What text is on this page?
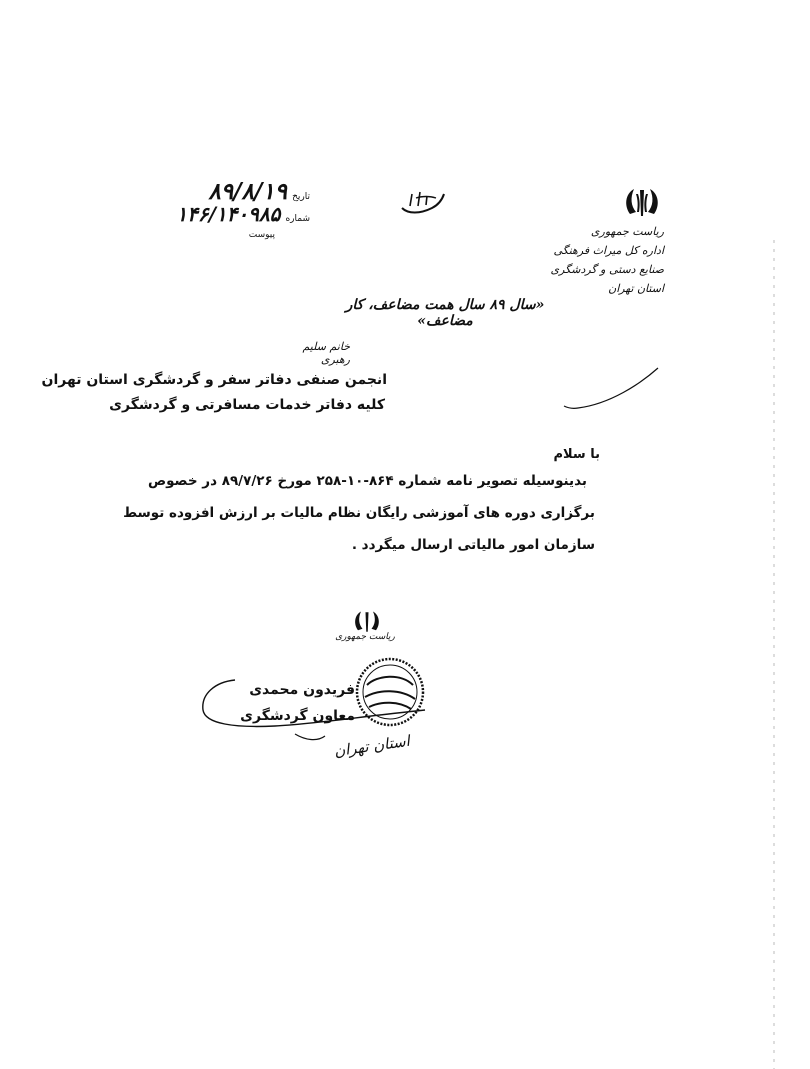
ریاست جمهوری
اداره کل میراث فرهنگی
صنایع دستی و گردشگری
استان تهران
تاریخ ۸۹/۸/۱۹
شماره ۱۴۶/۱۴۰۹۸۵
پیوست
«سال ۸۹ سال همت مضاعف، کار مضاعف»
خانم سلیم رهبری
انجمن صنفی دفاتر سفر و گردشگری استان تهران
کلیه دفاتر خدمات مسافرتی و گردشگری
با سلام
بدینوسیله تصویر نامه شماره ۸۶۴-۱۰-۲۵۸ مورخ ۸۹/۷/۲۶ در خصوص
برگزاری دوره های آموزشی رایگان نظام مالیات بر ارزش افزوده توسط
سازمان امور مالیاتی ارسال میگردد .
ریاست جمهوری
فریدون محمدی
معاون گردشگری
استان تهران
